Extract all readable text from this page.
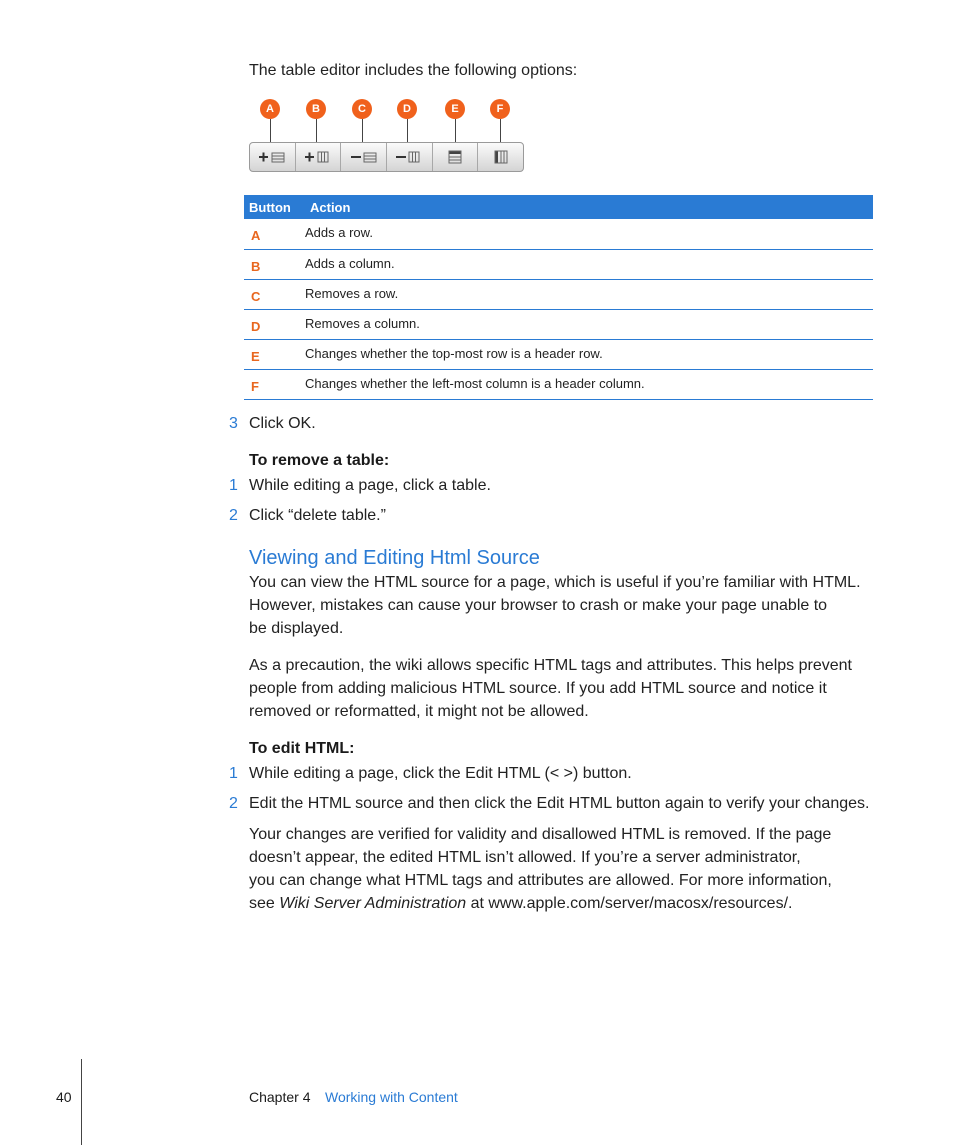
The table editor includes the following options:
A	B	C	D	E	F
Button	Action
A	Adds a row.
B	Adds a column.
C	Removes a row.
D	Removes a column.
E	Changes whether the top-most row is a header row.
F	Changes whether the left-most column is a header column.
3 Click OK.
To remove a table:
1 While editing a page, click a table.
2 Click “delete table.”
Viewing and Editing Html Source
You can view the HTML source for a page, which is useful if you’re familiar with HTML.
However, mistakes can cause your browser to crash or make your page unable to
be displayed.
As a precaution, the wiki allows specific HTML tags and attributes. This helps prevent
people from adding malicious HTML source. If you add HTML source and notice it
removed or reformatted, it might not be allowed.
To edit HTML:
1 While editing a page, click the Edit HTML (< >) button.
2 Edit the HTML source and then click the Edit HTML button again to verify your changes.
Your changes are verified for validity and disallowed HTML is removed. If the page
doesn’t appear, the edited HTML isn’t allowed. If you’re a server administrator,
you can change what HTML tags and attributes are allowed. For more information,
see Wiki Server Administration at www.apple.com/server/macosx/resources/.
40	Chapter 4 Working with Content
